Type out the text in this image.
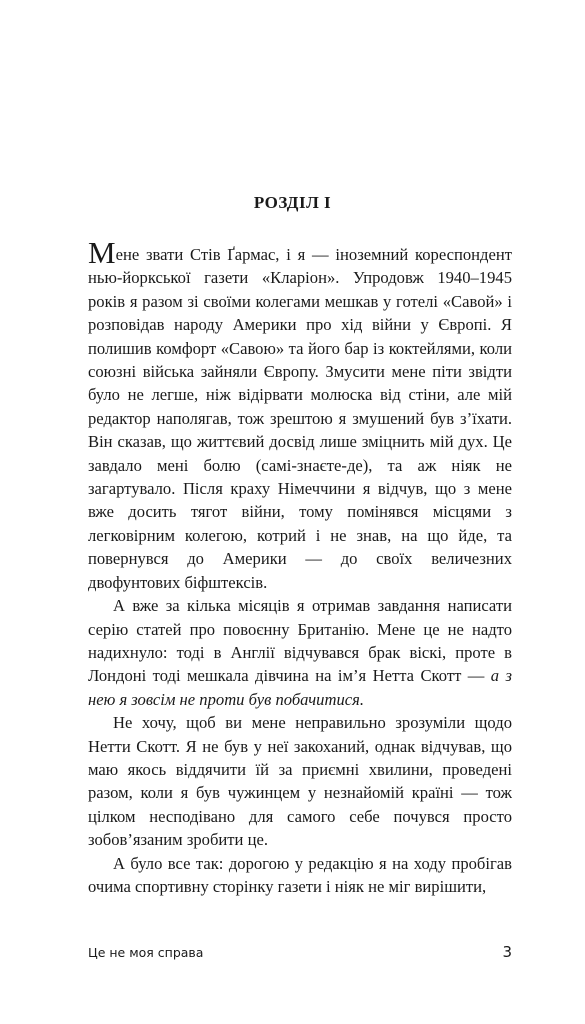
РОЗДІЛ I

Мене звати Стів Ґармас, і я — іноземний кореспондент нью-йоркської газети «Кларіон». Упродовж 1940–1945 років я разом зі своїми колегами мешкав у готелі «Савой» і розповідав народу Америки про хід війни у Європі. Я полишив комфорт «Савою» та його бар із коктейлями, коли союзні війська зайняли Європу. Змусити мене піти звідти було не легше, ніж відірвати молюска від стіни, але мій редактор наполягав, тож зрештою я змушений був з’їхати. Він сказав, що життєвий досвід лише зміцнить мій дух. Це завдало мені болю (самі-знаєте-де), та аж ніяк не загартувало. Після краху Німеччини я відчув, що з мене вже досить тягот війни, тому помінявся місцями з легковірним колегою, котрий і не знав, на що йде, та повернувся до Америки — до своїх величезних двофунтових біфштексів.

А вже за кілька місяців я отримав завдання написати серію статей про повоєнну Британію. Мене це не надто надихнуло: тоді в Англії відчувався брак віскі, проте в Лондоні тоді мешкала дівчина на ім’я Нетта Скотт — а з нею я зовсім не проти був побачитися.

Не хочу, щоб ви мене неправильно зрозуміли щодо Нетти Скотт. Я не був у неї закоханий, однак відчував, що маю якось віддячити їй за приємні хвилини, проведені разом, коли я був чужинцем у незнайомій країні — тож цілком несподівано для самого себе почувся просто зобов’язаним зробити це.

А було все так: дорогою у редакцію я на ходу пробігав очима спортивну сторінку газети і ніяк не міг вирішити,

Це не моя справа	3
